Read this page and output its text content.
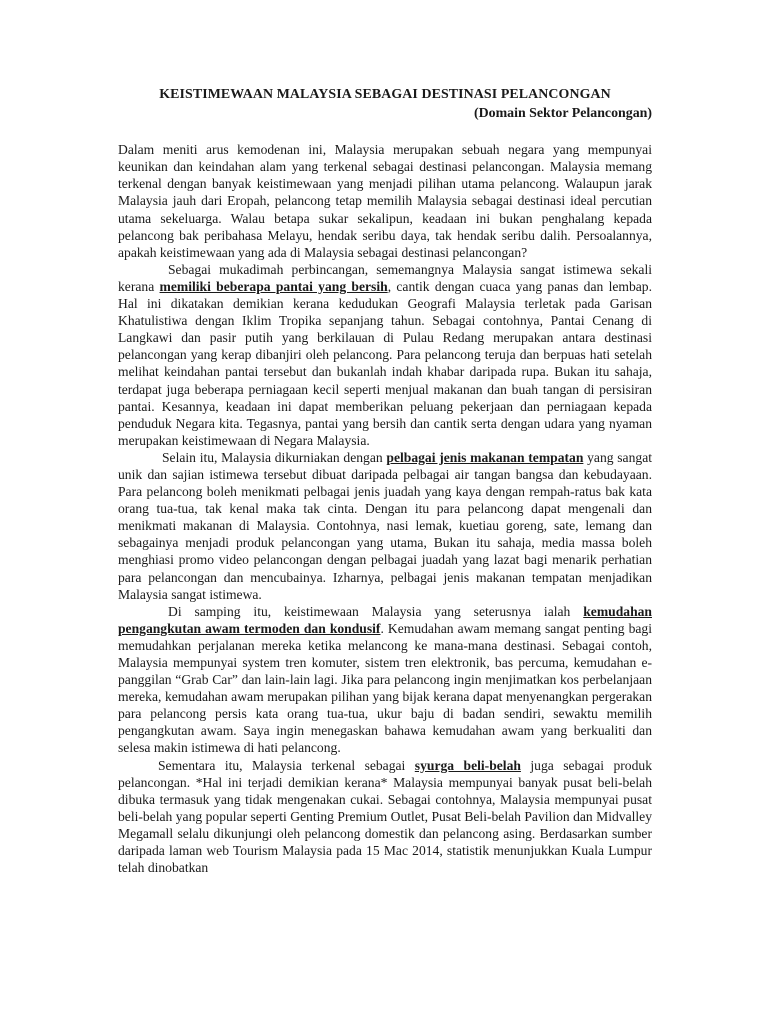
KEISTIMEWAAN MALAYSIA SEBAGAI DESTINASI PELANCONGAN
(Domain Sektor Pelancongan)

Dalam meniti arus kemodenan ini, Malaysia merupakan sebuah negara yang mempunyai keunikan dan keindahan alam yang terkenal sebagai destinasi pelancongan. Malaysia memang terkenal dengan banyak keistimewaan yang menjadi pilihan utama pelancong. Walaupun jarak Malaysia jauh dari Eropah, pelancong tetap memilih Malaysia sebagai destinasi ideal percutian utama sekeluarga. Walau betapa sukar sekalipun, keadaan ini bukan penghalang kepada pelancong bak peribahasa Melayu, hendak seribu daya, tak hendak seribu dalih. Persoalannya, apakah keistimewaan yang ada di Malaysia sebagai destinasi pelancongan?

Sebagai mukadimah perbincangan, sememangnya Malaysia sangat istimewa sekali kerana memiliki beberapa pantai yang bersih, cantik dengan cuaca yang panas dan lembap. Hal ini dikatakan demikian kerana kedudukan Geografi Malaysia terletak pada Garisan Khatulistiwa dengan Iklim Tropika sepanjang tahun. Sebagai contohnya, Pantai Cenang di Langkawi dan pasir putih yang berkilauan di Pulau Redang merupakan antara destinasi pelancongan yang kerap dibanjiri oleh pelancong. Para pelancong teruja dan berpuas hati setelah melihat keindahan pantai tersebut dan bukanlah indah khabar daripada rupa. Bukan itu sahaja, terdapat juga beberapa perniagaan kecil seperti menjual makanan dan buah tangan di persisiran pantai. Kesannya, keadaan ini dapat memberikan peluang pekerjaan dan perniagaan kepada penduduk Negara kita. Tegasnya, pantai yang bersih dan cantik serta dengan udara yang nyaman merupakan keistimewaan di Negara Malaysia.

Selain itu, Malaysia dikurniakan dengan pelbagai jenis makanan tempatan yang sangat unik dan sajian istimewa tersebut dibuat daripada pelbagai air tangan bangsa dan kebudayaan. Para pelancong boleh menikmati pelbagai jenis juadah yang kaya dengan rempah-ratus bak kata orang tua-tua, tak kenal maka tak cinta. Dengan itu para pelancong dapat mengenali dan menikmati makanan di Malaysia. Contohnya, nasi lemak, kuetiau goreng, sate, lemang dan sebagainya menjadi produk pelancongan yang utama, Bukan itu sahaja, media massa boleh menghiasi promo video pelancongan dengan pelbagai juadah yang lazat bagi menarik perhatian para pelancongan dan mencubainya. Izharnya, pelbagai jenis makanan tempatan menjadikan Malaysia sangat istimewa.

Di samping itu, keistimewaan Malaysia yang seterusnya ialah kemudahan pengangkutan awam termoden dan kondusif. Kemudahan awam memang sangat penting bagi memudahkan perjalanan mereka ketika melancong ke mana-mana destinasi. Sebagai contoh, Malaysia mempunyai system tren komuter, sistem tren elektronik, bas percuma, kemudahan e-panggilan “Grab Car” dan lain-lain lagi. Jika para pelancong ingin menjimatkan kos perbelanjaan mereka, kemudahan awam merupakan pilihan yang bijak kerana dapat menyenangkan pergerakan para pelancong persis kata orang tua-tua, ukur baju di badan sendiri, sewaktu memilih pengangkutan awam. Saya ingin menegaskan bahawa kemudahan awam yang berkualiti dan selesa makin istimewa di hati pelancong.

Sementara itu, Malaysia terkenal sebagai syurga beli-belah juga sebagai produk pelancongan. *Hal ini terjadi demikian kerana* Malaysia mempunyai banyak pusat beli-belah dibuka termasuk yang tidak mengenakan cukai. Sebagai contohnya, Malaysia mempunyai pusat beli-belah yang popular seperti Genting Premium Outlet, Pusat Beli-belah Pavilion dan Midvalley Megamall selalu dikunjungi oleh pelancong domestik dan pelancong asing. Berdasarkan sumber daripada laman web Tourism Malaysia pada 15 Mac 2014, statistik menunjukkan Kuala Lumpur telah dinobatkan
